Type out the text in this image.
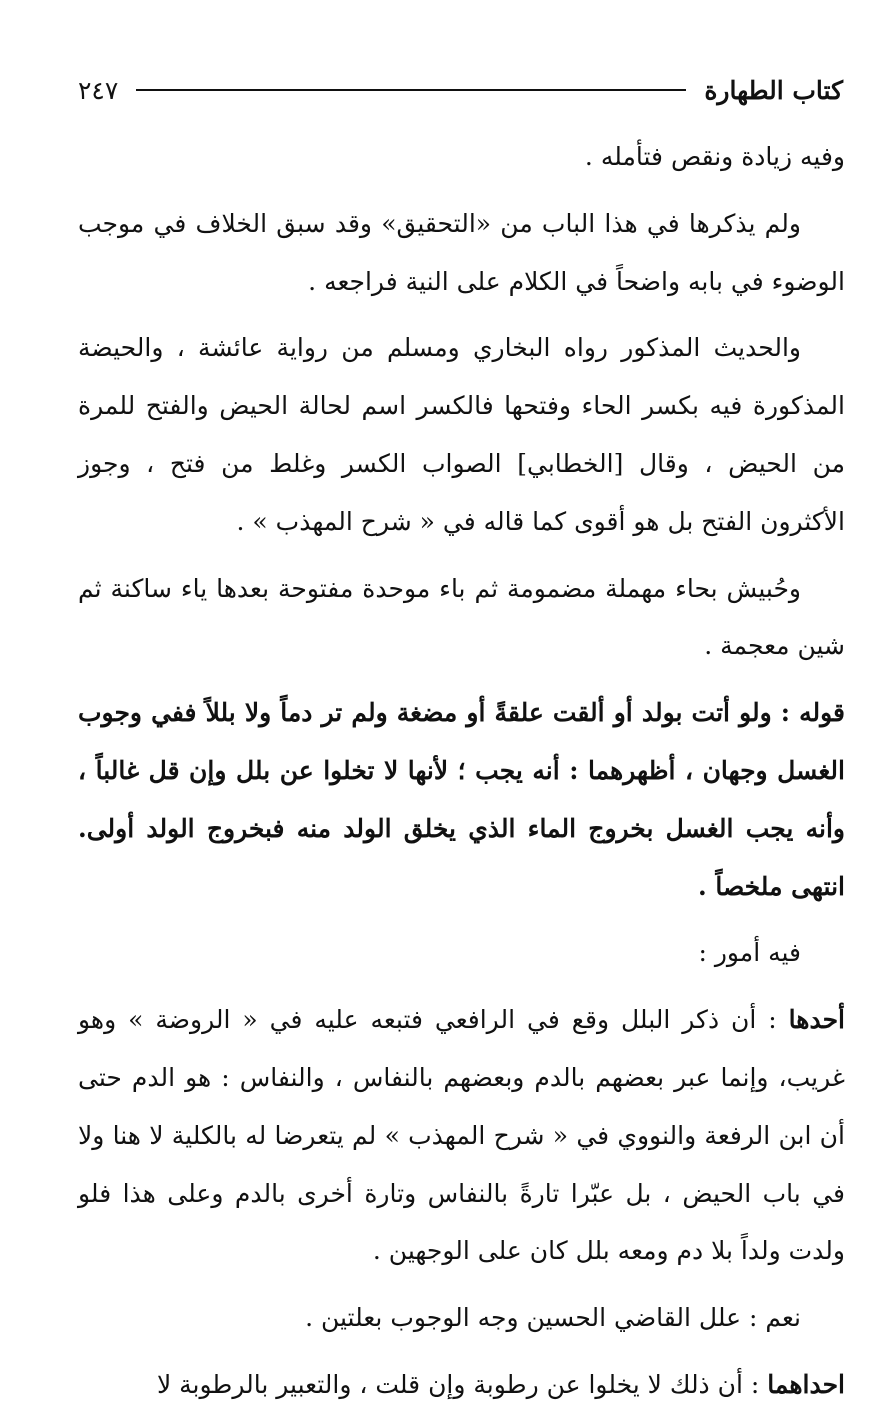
كتاب الطهارة
٢٤٧

وفيه زيادة ونقص فتأمله .

ولم يذكرها في هذا الباب من «التحقيق» وقد سبق الخلاف في موجب الوضوء في بابه واضحاً في الكلام على النية فراجعه .

والحديث المذكور رواه البخاري ومسلم من رواية عائشة ، والحيضة المذكورة فيه بكسر الحاء وفتحها فالكسر اسم لحالة الحيض والفتح للمرة من الحيض ، وقال [الخطابي] الصواب الكسر وغلط من فتح ، وجوز الأكثرون الفتح بل هو أقوى كما قاله في « شرح المهذب » .

وحُبيش بحاء مهملة مضمومة ثم باء موحدة مفتوحة بعدها ياء ساكنة ثم شين معجمة .

قوله : ولو أتت بولد أو ألقت علقةً أو مضغة ولم تر دماً ولا بللاً ففي وجوب الغسل وجهان ، أظهرهما : أنه يجب ؛ لأنها لا تخلوا عن بلل وإن قل غالباً ، وأنه يجب الغسل بخروج الماء الذي يخلق الولد منه فبخروج الولد أولى. انتهى ملخصاً .

فيه أمور :

أحدها : أن ذكر البلل وقع في الرافعي فتبعه عليه في « الروضة » وهو غريب، وإنما عبر بعضهم بالدم وبعضهم بالنفاس ، والنفاس : هو الدم حتى أن ابن الرفعة والنووي في « شرح المهذب » لم يتعرضا له بالكلية لا هنا ولا في باب الحيض ، بل عبّرا تارةً بالنفاس وتارة أخرى بالدم وعلى هذا فلو ولدت ولداً بلا دم ومعه بلل كان على الوجهين .

نعم : علل القاضي الحسين وجه الوجوب بعلتين .

احداهما : أن ذلك لا يخلوا عن رطوبة وإن قلت ، والتعبير بالرطوبة لا
